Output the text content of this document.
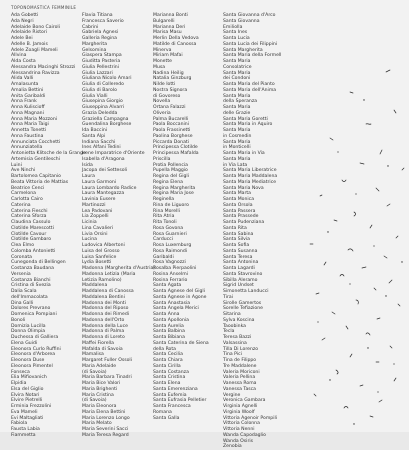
TOPONOMASTICA FEMMINILE
Ada Gobetti
Ada Negri
Adelaide Bono Cairoli
Adelaide Ristori
Adele Bei
Adelle B. Jamois
Adele Zoagli Mameli
Allvina
Alda Costa
Alessandra Macinghi Strozzi
Alessandrina Ravizza
Alida Valli
Amalasunta
Amalia Bettini
Anita Garibaldi
Anna Frank
Anna Kuliscioff
Anna Magnani
Anna Maria Mozzoni
Anna Maria Taigi
Annetta Tonetti
Anna Faustina
Annunciata Cocchetti
Annunziatella
Antonietta Klitsche de la Grange
Artemisia Gentileschi
Luini
Ave Ninchi
Bartolomea Capitanio
Beata Vittoria de Mattias
Beatrice Cenci
Carmelona
Carlotta Cairo
Caterina
Caterina Fieschi
Caterina Sforza
Claudina Cassulo
Clotilde Marescotti
Clotilde Cavour
Clotilde Gambaro
Clea Elmo
Colomba Antonietti
Coronata
Cunegonda di Bellingen
Costanza Baudana
Versenia
Costanza Bianchi
Cristina di Svezia
Dalia Scala
dell'Immacolata
Dina Galli
Dolores Prevrano
Domenica Pompiani
Bonoli
Domizia Lucilla
Donna Olimpia
Duchessa di Galliera
Elena Guidi
Eleonora Curlo Ruffini
Eleonora d'Arborea
Eleonora Duse
Eleonora Pimentel
Fonseca
Elia Mifiovanich
Elpidia
Elsa del Giglio
Elvira Notari
Elvire Pietrelli
Erminia Frezzolini
Eva Mameli
Evi Maltagliati
Fabiola
Fausta Labia
Fiammetta
Flavia Titiana
Francesca Saverio
Cabrini
Gabriela Agnesi
Galleria Regina
Margherita
Gelsomina
Giaspera Stampa
Giuditta Pasteria
Giulia Pellestrini
Giulia Lazzari
Giuliana Nicolo Amari
Giulia di Colleredo
Giulia di Barolo
Giulia Vialli
Giusepina Giorgio
Giuseppina Alvarri
Grazia Deledda
Graziella Campagna
Guendalina Borghese
Ida Baccini
Santa Alpi
Indiana Sacchi
Ines Alfani Tedini
Irene Imparatrice d'Oriente
Isabella d'Aragona
Isida
Jacopa dei Settesoli
Laura
Laura Garmoni
Laura Lombardo Radice
Laura Mantegazza
Lavinia Eusere
Martinozzi
Lea Padovani
Lia Zoppelli
Licinia
Lina Cavalieri
Livia Orsini
Lucina
Ludovica Albertoni
Luisa del Grosso
Luisa Sanfelice
Lydia Bosetti
Madonna (Margherita d'Austria)
Madonna Letizia (Maria
Letizia Ramolino)
Maddalena
Maddalena di Canossa
Maddalena Bentini
Madonna dei Monti
Madonna del Riposo
Madonna dei Rimedi
Madonna dell'Orto
Madonna della Luce
Madonna di Palma
Madonna di Loreto
Maffei Fiorella
Mafalda di Savoia
Mamalisa
Margaret Fuller Ossoli
Maria Adelaide
(di Savoia)
Maria Barbara Tinadri
Maria Bice Valori
Maria Brighenti
Maria Cristina
(di Savoia)
Maria Eleonora
Maria Elena Bettini
Maria Lorenzo Longo
Maria Melato
Maria Severini Sacci
Maria Teresa Regard
Marianna Bonti
Bulgarelli
Marianna Deri
Marisa Masu
Merlin Della Vedova
Matilde di Canossa
Minerva
Miriam Mafai
Monette
Musa
Nadina Heilig
Natalia Ginzburg
Nilde Iotti
Nostra Signora
di Govoreso
Novella
Ortana Falazzi
Oliveria
Palma Bucarelli
Paola Boccanini
Paola Frassinetti
Paolina Borghese
Piccarda Donati
Principessa Clotilde
Principessa Mafalda
Priscilla
Protia Pollencia
Pupella Maggio
Regina del Gigli
Regina Elena
Regina Margherita
Regina Maria Jose
Reginella
Rina de Liguoro
Rina Morelli
Rita Atria
Rita Tonoli
Rosa Govona
Rosa Guarnieri
Carducci
Rosa Luxemburg
Rosa Raimondi
Garibaldi
Rosa Vagnozzi
Rosalba Pierpaolini
Rosina Anselmi
Rosina Ferrario
Santa Agata
Santa Agnese del Gigli
Santa Agnese in Agone
Santa Anastasia
Santa Angela Merici
Santa Anna
Santa Apollonia
Santa Aurelia
Santa Balbina
Santa Bibiana
Santa Caterina de Siena
della Rota
Santa Cecilia
Santa Chiara
Santa Cirilla
Santa Costanza
Santa Cristina
Santa Elena
Santa Emerenziana
Santa Eufemia
Santa Eufrasia Pelletier
Santa Francesca
Romana
Santa Galla
Santa Giovanna d'Arco
Santa Giovanna
Emiliolla
Santa Ines
Santa Lucia
Santa Lucia dei Filippini
Santa Margherita
Santa Maria della Formell
Santa Maria
Consolatrice
Santa Maria
dei Condoni
Santa Maria del Pianto
Santa Maria dell'Anima
Santa Maria
della Speranza
Santa Maria
delle Grazie
Santa Maria Goretti
Santa Maria in Aquiro
Santa Maria
in Cosmedin
Santa Maria
in Monticelli
Santa Maria in Via
Santa Maria
in Via Lata
Santa Maria Liberatrice
Santa Maria Maddalena
Santa Maria Mediatrice
Santa Maria Nova
Santa Marta
Santa Monica
Santa Orsola
Santa Passera
Santa Prassede
Santa Pudenziana
Santa Rita
Santa Sabina
Santa Silvia
Santa Sofia
Santa Susanna
Santa Teresa
Santa Antonina
Santa Lagardi
Santa Stavrovino
Sibilla Aleramo
Sigrid Undset
Simonetta Landucci
Tirai
Sirolle Gamertos
Sorelle Tefiazione
Sitarina
Sylva Koscina
Taoobinka
Tecla
Teresa Bazzi
Valsassina
Tilla Di Lorenzo
Tina Pici
Tina de Filippo
Tre Maddalene
Valeria Moriconi
Valeria Pellina
Vanessa Roma
Vanessa Tasca
Vergine
Veronica Gambara
Virginia Agnelli
Virginia Woolf
Vittoria Agenoir Pompili
Vittoria Colonna
Vittoria Nenni
Wanda Capodaglio
Wanda Osiris
Zenobia
